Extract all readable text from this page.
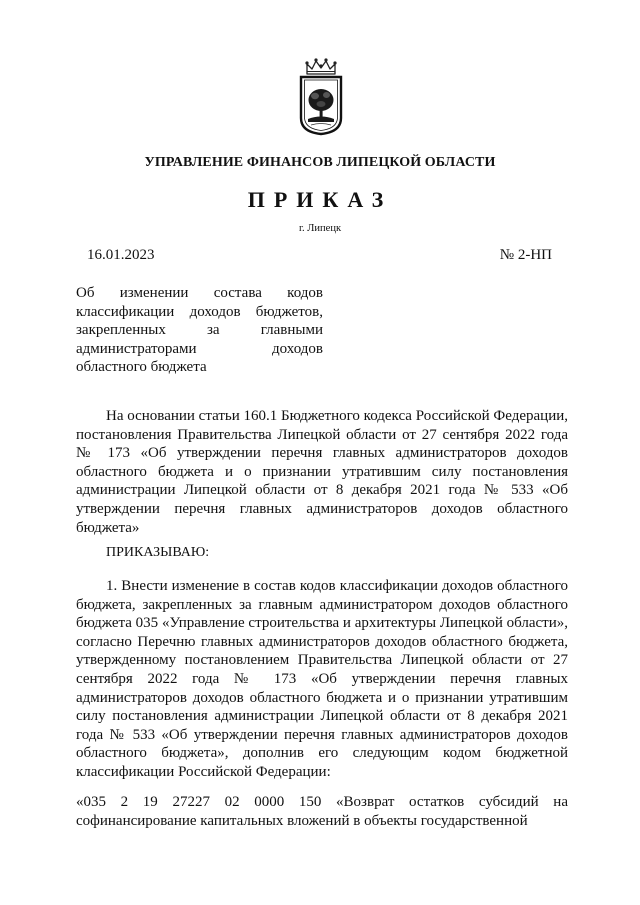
УПРАВЛЕНИЕ ФИНАНСОВ ЛИПЕЦКОЙ ОБЛАСТИ
ПРИКАЗ
г. Липецк
16.01.2023	№ 2-НП
Об изменении состава кодов
классификации доходов бюджетов,
закрепленных за главными
администраторами доходов
областного бюджета
На основании статьи 160.1 Бюджетного кодекса Российской Федерации, постановления Правительства Липецкой области от 27 сентября 2022 года № 173 «Об утверждении перечня главных администраторов доходов областного бюджета и о признании утратившим силу постановления администрации Липецкой области от 8 декабря 2021 года № 533 «Об утверждении перечня главных администраторов доходов областного бюджета»
ПРИКАЗЫВАЮ:
1. Внести изменение в состав кодов классификации доходов областного бюджета, закрепленных за главным администратором доходов областного бюджета 035 «Управление строительства и архитектуры Липецкой области», согласно Перечню главных администраторов доходов областного бюджета, утвержденному постановлением Правительства Липецкой области от 27 сентября 2022 года № 173 «Об утверждении перечня главных администраторов доходов областного бюджета и о признании утратившим силу постановления администрации Липецкой области от 8 декабря 2021 года № 533 «Об утверждении перечня главных администраторов доходов областного бюджета», дополнив его следующим кодом бюджетной классификации Российской Федерации:
«035 2 19 27227 02 0000 150 «Возврат остатков субсидий на софинансирование капитальных вложений в объекты государственной
